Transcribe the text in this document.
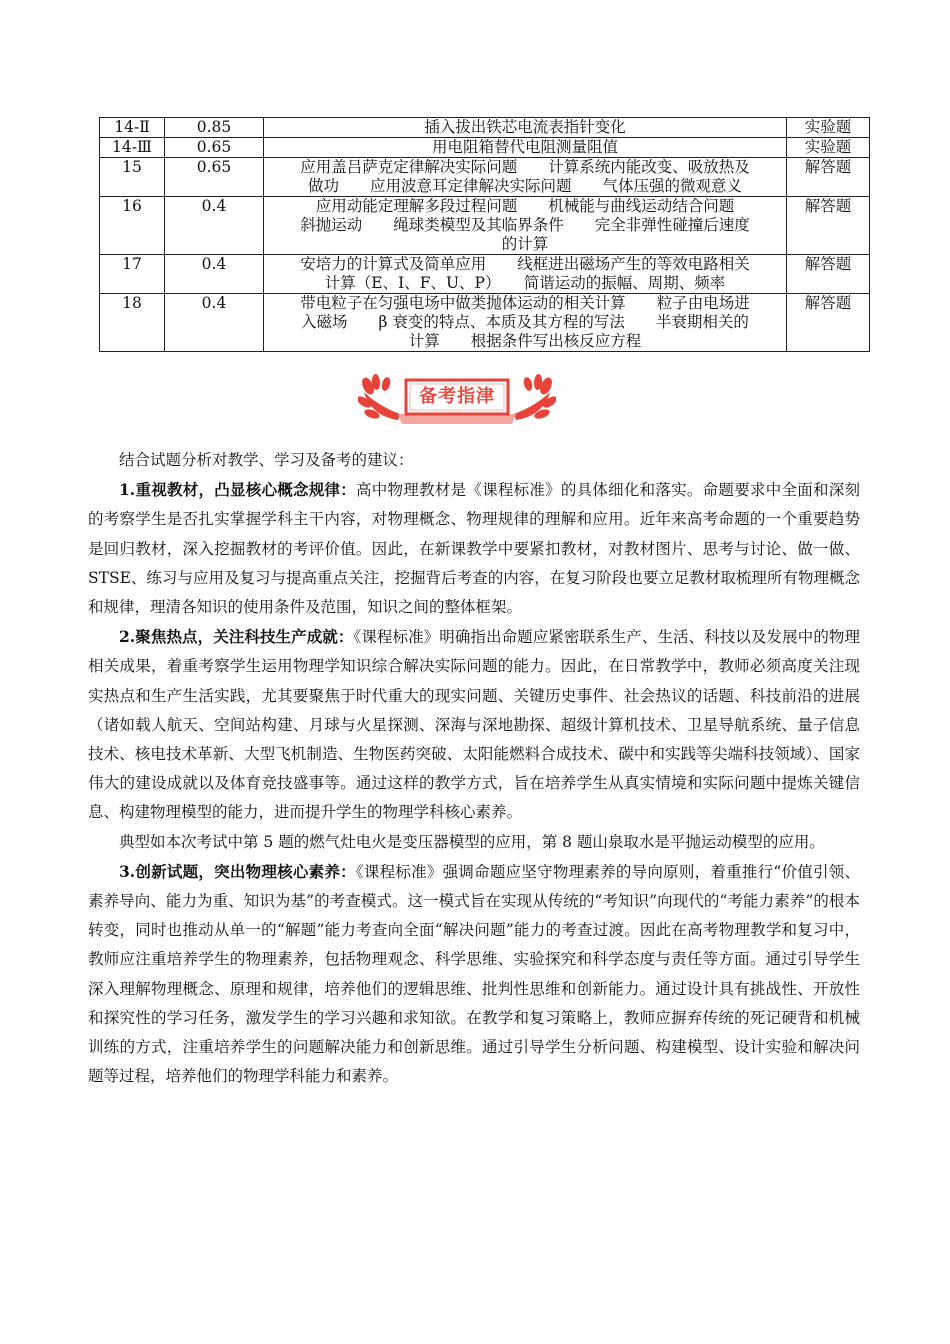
14-Ⅱ	0.85	插入拔出铁芯电流表指针变化	实验题
14-Ⅲ	0.65	用电阻箱替代电阻测量阻值	实验题
15	0.65	应用盖吕萨克定律解决实际问题　　计算系统内能改变、吸放热及
做功　　应用波意耳定律解决实际问题　　气体压强的微观意义	解答题
16	0.4	应用动能定理解多段过程问题　　机械能与曲线运动结合问题
斜抛运动　　绳球类模型及其临界条件　　完全非弹性碰撞后速度
的计算	解答题
17	0.4	安培力的计算式及简单应用　　线框进出磁场产生的等效电路相关
计算（E、I、F、U、P）　　简谐运动的振幅、周期、频率	解答题
18	0.4	带电粒子在匀强电场中做类抛体运动的相关计算　　粒子由电场进
入磁场　　β 衰变的特点、本质及其方程的写法　　半衰期相关的
计算　　根据条件写出核反应方程	解答题
备考指津

结合试题分析对教学、学习及备考的建议：

1.重视教材，凸显核心概念规律：高中物理教材是《课程标准》的具体细化和落实。命题要求中全面和深刻的考察学生是否扎实掌握学科主干内容，对物理概念、物理规律的理解和应用。近年来高考命题的一个重要趋势是回归教材，深入挖掘教材的考评价值。因此，在新课教学中要紧扣教材，对教材图片、思考与讨论、做一做、STSE、练习与应用及复习与提高重点关注，挖掘背后考查的内容，在复习阶段也要立足教材取梳理所有物理概念和规律，理清各知识的使用条件及范围，知识之间的整体框架。

2.聚焦热点，关注科技生产成就：《课程标准》明确指出命题应紧密联系生产、生活、科技以及发展中的物理相关成果，着重考察学生运用物理学知识综合解决实际问题的能力。因此，在日常教学中，教师必须高度关注现实热点和生产生活实践，尤其要聚焦于时代重大的现实问题、关键历史事件、社会热议的话题、科技前沿的进展（诸如载人航天、空间站构建、月球与火星探测、深海与深地勘探、超级计算机技术、卫星导航系统、量子信息技术、核电技术革新、大型飞机制造、生物医药突破、太阳能燃料合成技术、碳中和实践等尖端科技领域）、国家伟大的建设成就以及体育竞技盛事等。通过这样的教学方式，旨在培养学生从真实情境和实际问题中提炼关键信息、构建物理模型的能力，进而提升学生的物理学科核心素养。

典型如本次考试中第 5 题的燃气灶电火是变压器模型的应用，第 8 题山泉取水是平抛运动模型的应用。

3.创新试题，突出物理核心素养：《课程标准》强调命题应坚守物理素养的导向原则，着重推行“价值引领、素养导向、能力为重、知识为基”的考查模式。这一模式旨在实现从传统的“考知识”向现代的“考能力素养”的根本转变，同时也推动从单一的“解题”能力考查向全面“解决问题”能力的考查过渡。因此在高考物理教学和复习中，教师应注重培养学生的物理素养，包括物理观念、科学思维、实验探究和科学态度与责任等方面。通过引导学生深入理解物理概念、原理和规律，培养他们的逻辑思维、批判性思维和创新能力。通过设计具有挑战性、开放性和探究性的学习任务，激发学生的学习兴趣和求知欲。在教学和复习策略上，教师应摒弃传统的死记硬背和机械训练的方式，注重培养学生的问题解决能力和创新思维。通过引导学生分析问题、构建模型、设计实验和解决问题等过程，培养他们的物理学科能力和素养。
